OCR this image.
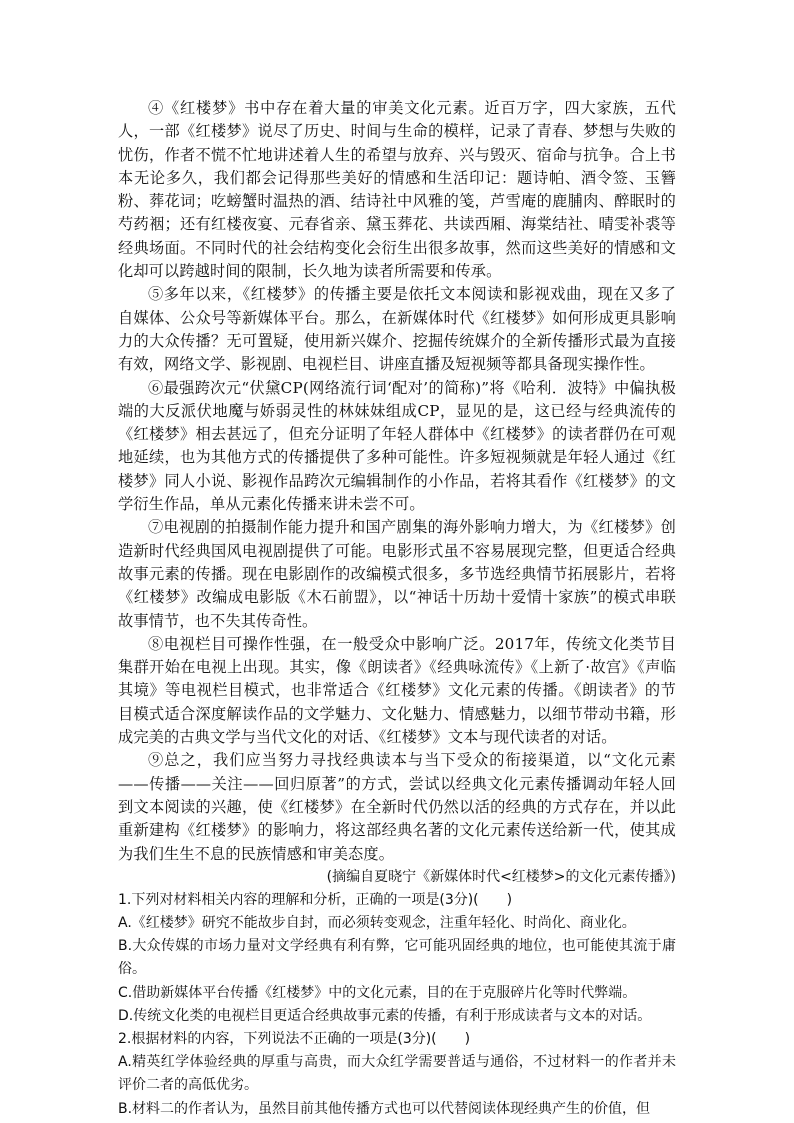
④《红楼梦》书中存在着大量的审美文化元素。近百万字，四大家族，五代人，一部《红楼梦》说尽了历史、时间与生命的模样，记录了青春、梦想与失败的忧伤，作者不慌不忙地讲述着人生的希望与放弃、兴与毁灭、宿命与抗争。合上书本无论多久，我们都会记得那些美好的情感和生活印记：题诗帕、酒令签、玉簪粉、葬花词；吃螃蟹时温热的酒、结诗社中风雅的笺，芦雪庵的鹿脯肉、醉眠时的芍药裀；还有红楼夜宴、元春省亲、黛玉葬花、共读西厢、海棠结社、晴雯补裘等经典场面。不同时代的社会结构变化会衍生出很多故事，然而这些美好的情感和文化却可以跨越时间的限制，长久地为读者所需要和传承。

⑤多年以来，《红楼梦》的传播主要是依托文本阅读和影视戏曲，现在又多了自媒体、公众号等新媒体平台。那么，在新媒体时代《红楼梦》如何形成更具影响力的大众传播？无可置疑，使用新兴媒介、挖掘传统媒介的全新传播形式最为直接有效，网络文学、影视剧、电视栏目、讲座直播及短视频等都具备现实操作性。

⑥最强跨次元“伏黛CP(网络流行词‘配对’的简称)”将《哈利．波特》中偏执极端的大反派伏地魔与娇弱灵性的林妹妹组成CP，显见的是，这已经与经典流传的《红楼梦》相去甚远了，但充分证明了年轻人群体中《红楼梦》的读者群仍在可观地延续，也为其他方式的传播提供了多种可能性。许多短视频就是年轻人通过《红楼梦》同人小说、影视作品跨次元编辑制作的小作品，若将其看作《红楼梦》的文学衍生作品，单从元素化传播来讲未尝不可。

⑦电视剧的拍摄制作能力提升和国产剧集的海外影响力增大，为《红楼梦》创造新时代经典国风电视剧提供了可能。电影形式虽不容易展现完整，但更适合经典故事元素的传播。现在电影剧作的改编模式很多，多节选经典情节拓展影片，若将《红楼梦》改编成电影版《木石前盟》，以“神话十历劫十爱情十家族”的模式串联故事情节，也不失其传奇性。

⑧电视栏目可操作性强，在一般受众中影响广泛。2017年，传统文化类节目集群开始在电视上出现。其实，像《朗读者》《经典咏流传》《上新了·故宫》《声临其境》等电视栏目模式，也非常适合《红楼梦》文化元素的传播。《朗读者》的节目模式适合深度解读作品的文学魅力、文化魅力、情感魅力，以细节带动书籍，形成完美的古典文学与当代文化的对话、《红楼梦》文本与现代读者的对话。

⑨总之，我们应当努力寻找经典读本与当下受众的衔接渠道，以“文化元素——传播——关注——回归原著”的方式，尝试以经典文化元素传播调动年轻人回到文本阅读的兴趣，使《红楼梦》在全新时代仍然以活的经典的方式存在，并以此重新建构《红楼梦》的影响力，将这部经典名著的文化元素传送给新一代，使其成为我们生生不息的民族情感和审美态度。

(摘编自夏晓宁《新媒体时代<红楼梦>的文化元素传播》)

1.下列对材料相关内容的理解和分析，正确的一项是(3分)(　　)

A.《红楼梦》研究不能故步自封，而必须转变观念，注重年轻化、时尚化、商业化。

B.大众传媒的市场力量对文学经典有利有弊，它可能巩固经典的地位，也可能使其流于庸俗。

C.借助新媒体平台传播《红楼梦》中的文化元素，目的在于克服碎片化等时代弊端。

D.传统文化类的电视栏目更适合经典故事元素的传播，有利于形成读者与文本的对话。

2.根据材料的内容，下列说法不正确的一项是(3分)(　　)

A.精英红学体验经典的厚重与高贵，而大众红学需要普适与通俗，不过材料一的作者并未评价二者的高低优劣。

B.材料二的作者认为，虽然目前其他传播方式也可以代替阅读体现经典产生的价值，但
